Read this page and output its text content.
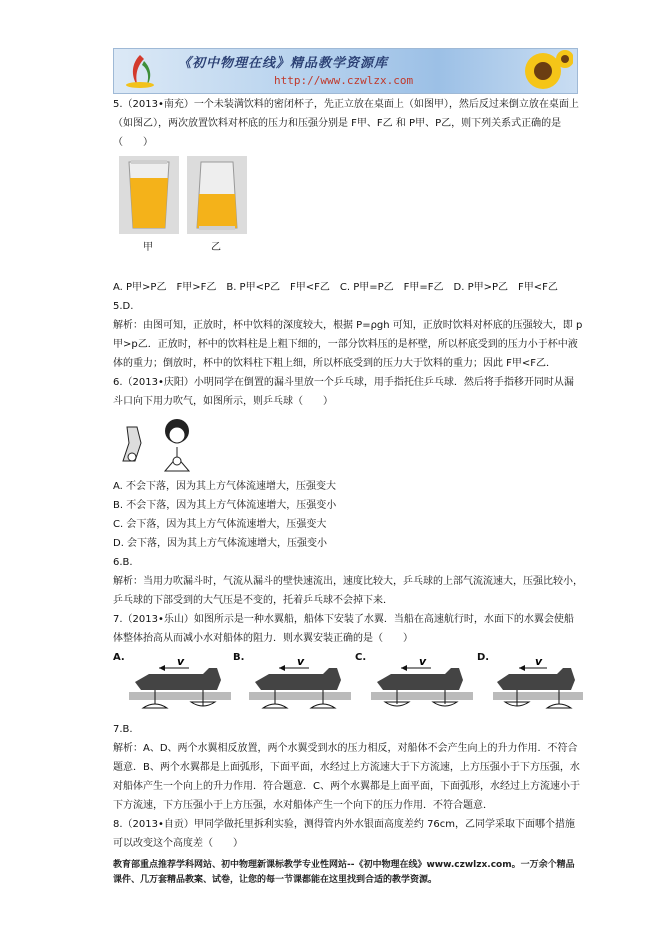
《初中物理在线》精品教学资源库
http://www.czwlzx.com

5.（2013•南充）一个未装满饮料的密闭杯子，先正立放在桌面上（如图甲），然后反过来倒立放在桌面上（如图乙），两次放置饮料对杯底的压力和压强分别是 F甲、F乙 和 P甲、P乙，则下列关系式正确的是（　　）

甲	乙

A. P甲>P乙　F甲>F乙　B. P甲<P乙　F甲<F乙　C. P甲=P乙　F甲=F乙　D. P甲>P乙　F甲<F乙

5.D.

解析：由图可知，正放时，杯中饮料的深度较大，根据 P=ρgh 可知，正放时饮料对杯底的压强较大，即 p甲>p乙．正放时，杯中的饮料柱是上粗下细的，一部分饮料压的是杯壁，所以杯底受到的压力小于杯中液体的重力；倒放时，杯中的饮料柱下粗上细，所以杯底受到的压力大于饮料的重力；因此 F甲<F乙．

6.（2013•庆阳）小明同学在倒置的漏斗里放一个乒乓球，用手指托住乒乓球．然后将手指移开同时从漏斗口向下用力吹气，如图所示，则乒乓球（　　）

A. 不会下落，因为其上方气体流速增大，压强变大

B. 不会下落，因为其上方气体流速增大，压强变小

C. 会下落，因为其上方气体流速增大，压强变大

D. 会下落，因为其上方气体流速增大，压强变小

6.B.

解析：当用力吹漏斗时，气流从漏斗的壁快速流出，速度比较大，乒乓球的上部气流流速大，压强比较小，乒乓球的下部受到的大气压是不变的，托着乒乓球不会掉下来．

7.（2013•乐山）如图所示是一种水翼船，船体下安装了水翼．当船在高速航行时，水面下的水翼会使船体整体抬高从而减小水对船体的阻力．则水翼安装正确的是（　　）

A.	B.	C.	D.
v	v	v	v

7.B.

解析：A、D、两个水翼相反放置，两个水翼受到水的压力相反，对船体不会产生向上的升力作用．不符合题意．B、两个水翼都是上面弧形，下面平面，水经过上方流速大于下方流速，上方压强小于下方压强，水对船体产生一个向上的升力作用．符合题意．C、两个水翼都是上面平面，下面弧形，水经过上方流速小于下方流速，下方压强小于上方压强，水对船体产生一个向下的压力作用．不符合题意．

8.（2013•自贡）甲同学做托里拆利实验，测得管内外水银面高度差约 76cm，乙同学采取下面哪个措施可以改变这个高度差（　　）

教育部重点推荐学科网站、初中物理新课标教学专业性网站--《初中物理在线》www.czwlzx.com。一万余个精品课件、几万套精品教案、试卷，让您的每一节课都能在这里找到合适的教学资源。
